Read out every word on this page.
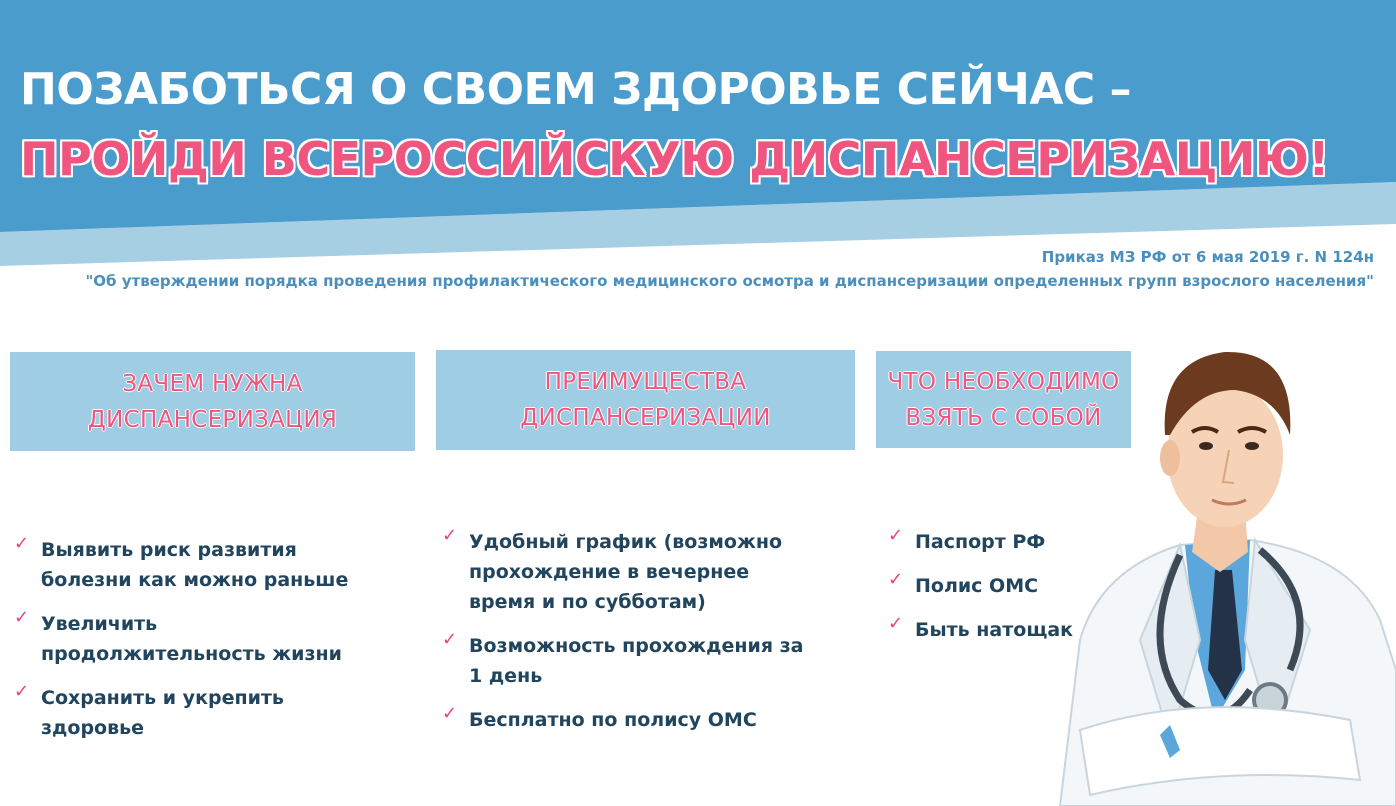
ПОЗАБОТЬСЯ О СВОЕМ ЗДОРОВЬЕ СЕЙЧАС –
ПРОЙДИ ВСЕРОССИЙСКУЮ ДИСПАНСЕРИЗАЦИЮ!
Приказ МЗ РФ от 6 мая 2019 г. N 124н
"Об утверждении порядка проведения профилактического медицинского осмотра и диспансеризации определенных групп взрослого населения"
ЗАЧЕМ НУЖНА
ДИСПАНСЕРИЗАЦИЯ
ПРЕИМУЩЕСТВА
ДИСПАНСЕРИЗАЦИИ
ЧТО НЕОБХОДИМО
ВЗЯТЬ С СОБОЙ
✓ Выявить риск развития
болезни как можно раньше
✓ Увеличить
продолжительность жизни
✓ Сохранить и укрепить
здоровье
✓ Удобный график (возможно
прохождение в вечернее
время и по субботам)
✓ Возможность прохождения за
1 день
✓ Бесплатно по полису ОМС
✓ Паспорт РФ
✓ Полис ОМС
✓ Быть натощак
